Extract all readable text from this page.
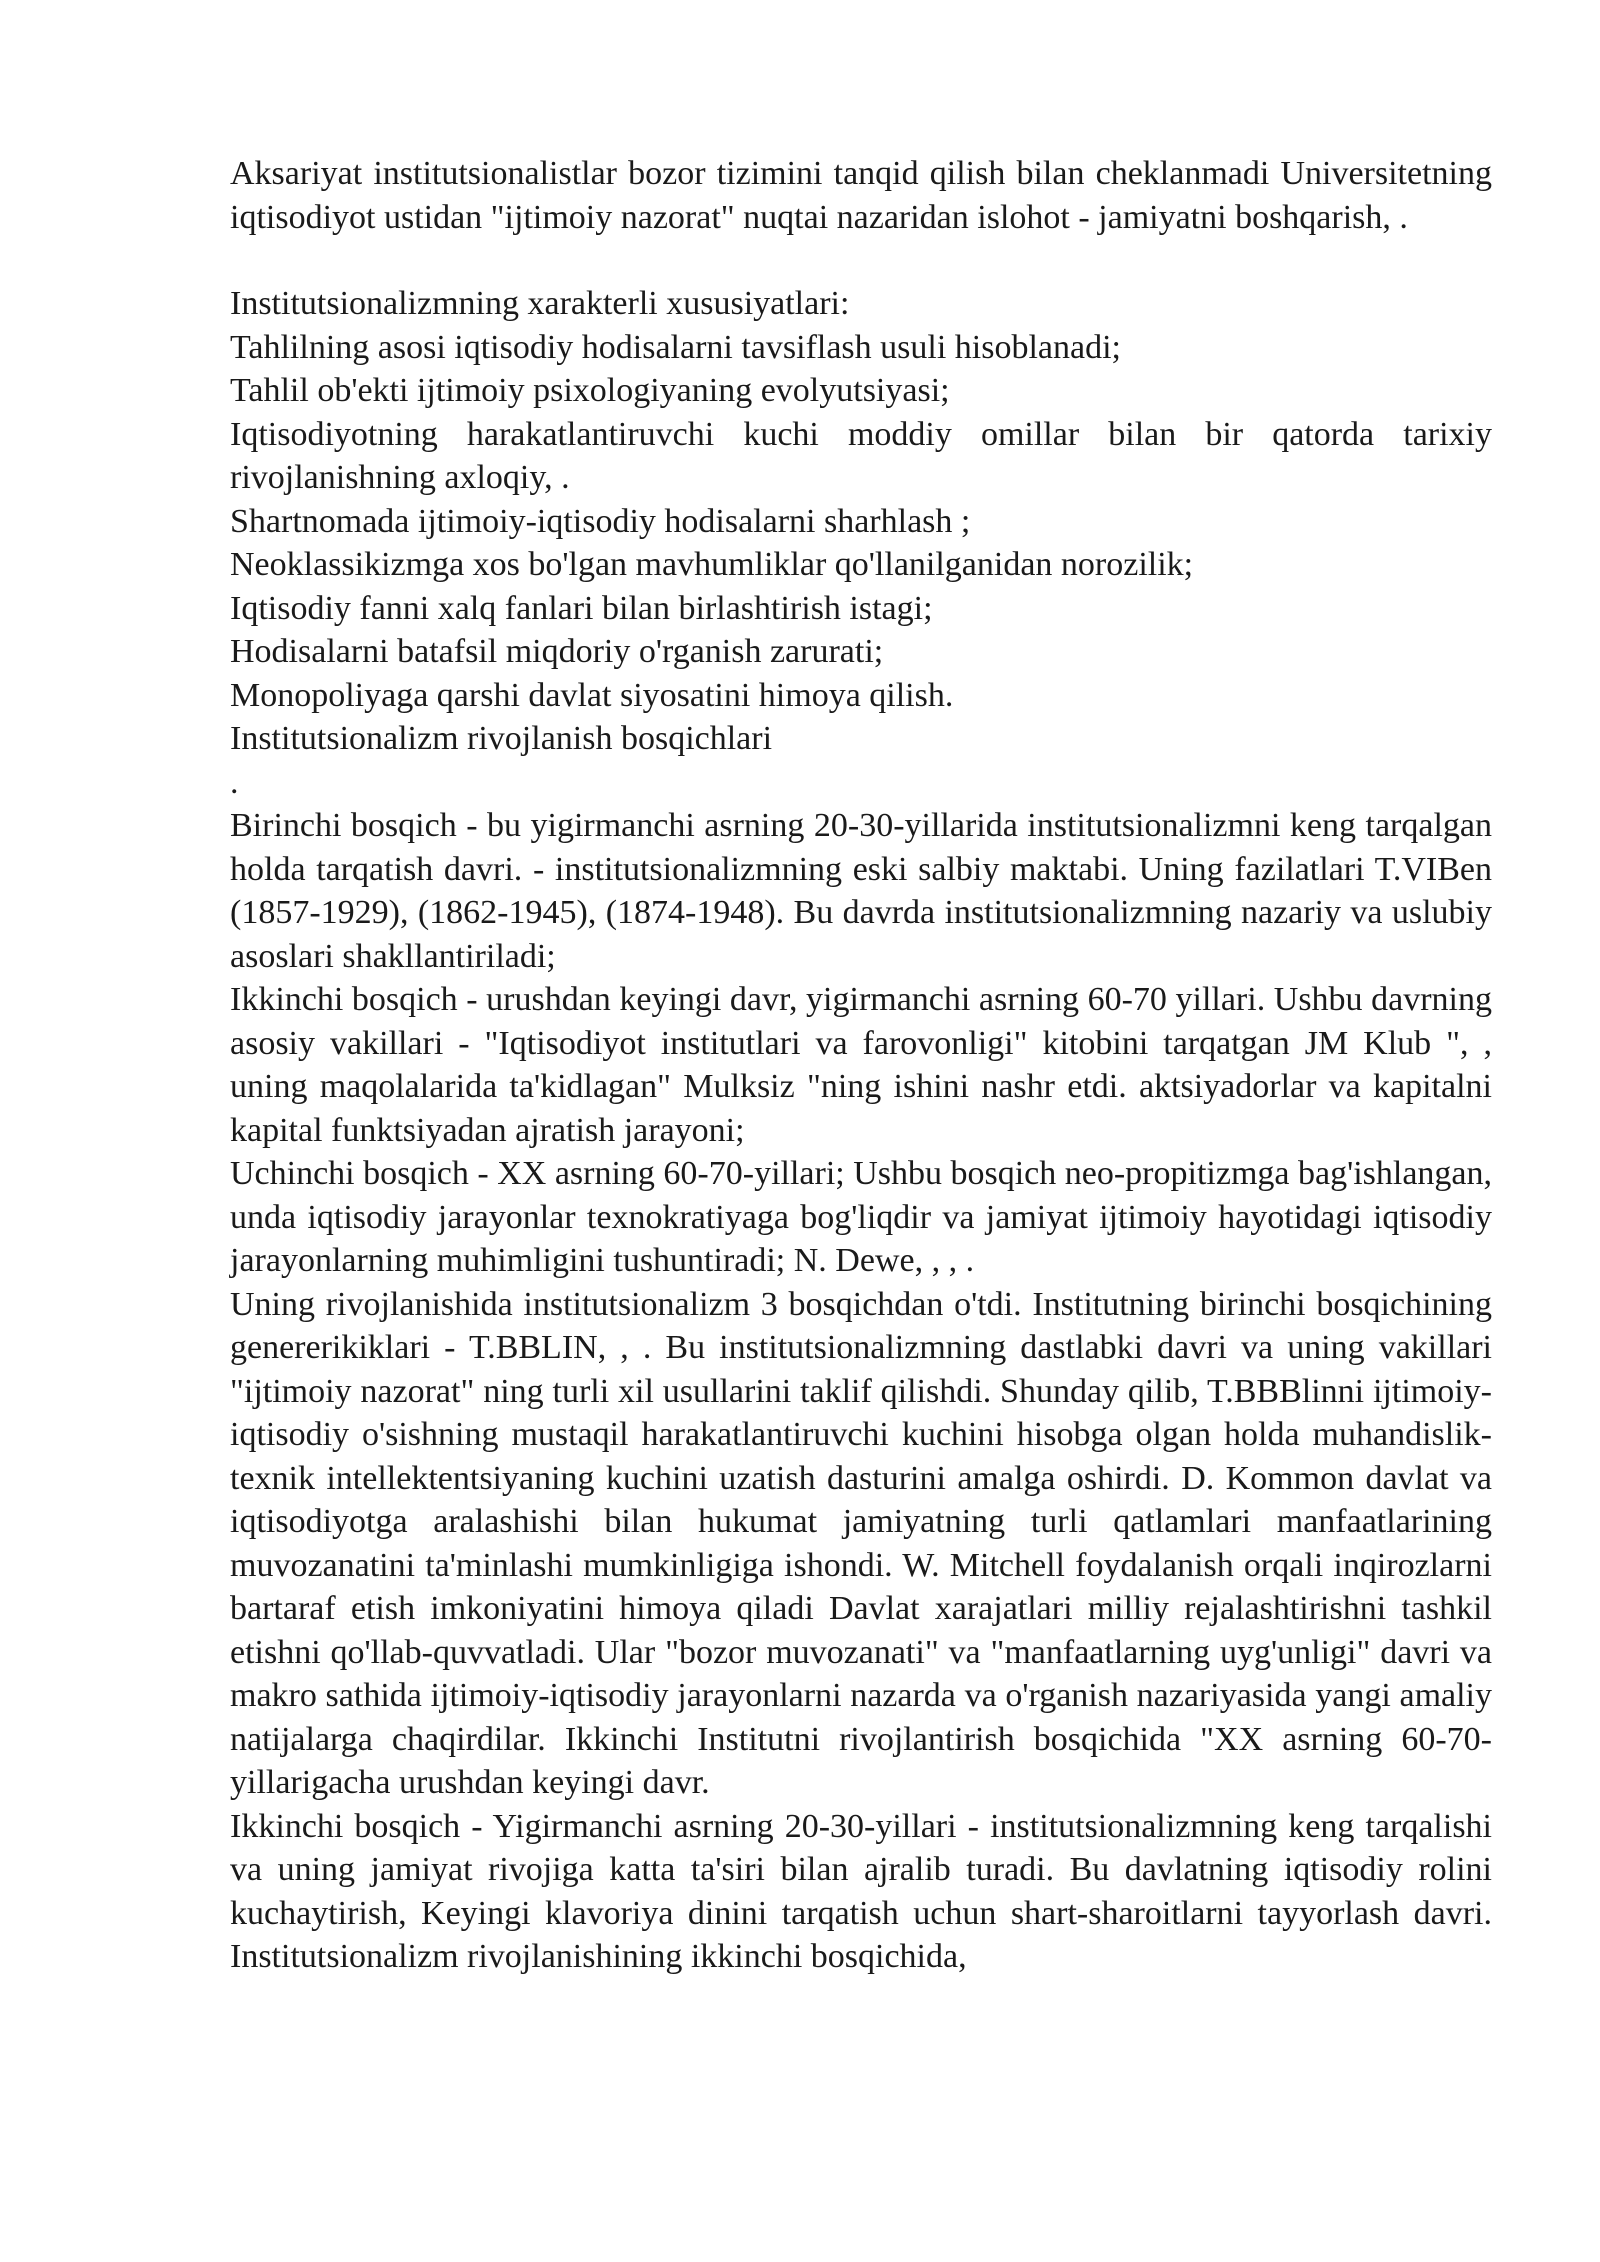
Aksariyat institutsionalistlar bozor tizimini tanqid qilish bilan cheklanmadi Universitetning iqtisodiyot ustidan "ijtimoiy nazorat" nuqtai nazaridan islohot - jamiyatni boshqarish, .

Institutsionalizmning xarakterli xususiyatlari:

Tahlilning asosi iqtisodiy hodisalarni tavsiflash usuli hisoblanadi;

Tahlil ob'ekti ijtimoiy psixologiyaning evolyutsiyasi;

Iqtisodiyotning harakatlantiruvchi kuchi moddiy omillar bilan bir qatorda tarixiy rivojlanishning axloqiy, .

Shartnomada ijtimoiy-iqtisodiy hodisalarni sharhlash ;

Neoklassikizmga xos bo'lgan mavhumliklar qo'llanilganidan norozilik;

Iqtisodiy fanni xalq fanlari bilan birlashtirish istagi;

Hodisalarni batafsil miqdoriy o'rganish zarurati;

Monopoliyaga qarshi davlat siyosatini himoya qilish.

Institutsionalizm rivojlanish bosqichlari

.

Birinchi bosqich - bu yigirmanchi asrning 20-30-yillarida institutsionalizmni keng tarqalgan holda tarqatish davri. - institutsionalizmning eski salbiy maktabi. Uning fazilatlari T.VIBen (1857-1929), (1862-1945), (1874-1948). Bu davrda institutsionalizmning nazariy va uslubiy asoslari shakllantiriladi;

Ikkinchi bosqich - urushdan keyingi davr, yigirmanchi asrning 60-70 yillari. Ushbu davrning asosiy vakillari - "Iqtisodiyot institutlari va farovonligi" kitobini tarqatgan JM Klub ", , uning maqolalarida ta'kidlagan" Mulksiz "ning ishini nashr etdi. aktsiyadorlar va kapitalni kapital funktsiyadan ajratish jarayoni;

Uchinchi bosqich - XX asrning 60-70-yillari; Ushbu bosqich neo-propitizmga bag'ishlangan, unda iqtisodiy jarayonlar texnokratiyaga bog'liqdir va jamiyat ijtimoiy hayotidagi iqtisodiy jarayonlarning muhimligini tushuntiradi; N. Dewe, , , .

Uning rivojlanishida institutsionalizm 3 bosqichdan o'tdi. Institutning birinchi bosqichining genererikiklari - T.BBLIN, , . Bu institutsionalizmning dastlabki davri va uning vakillari "ijtimoiy nazorat" ning turli xil usullarini taklif qilishdi. Shunday qilib, T.BBBlinni ijtimoiy-iqtisodiy o'sishning mustaqil harakatlantiruvchi kuchini hisobga olgan holda muhandislik-texnik intellektentsiyaning kuchini uzatish dasturini amalga oshirdi. D. Kommon davlat va iqtisodiyotga aralashishi bilan hukumat jamiyatning turli qatlamlari manfaatlarining muvozanatini ta'minlashi mumkinligiga ishondi. W. Mitchell foydalanish orqali inqirozlarni bartaraf etish imkoniyatini himoya qiladi Davlat xarajatlari milliy rejalashtirishni tashkil etishni qo'llab-quvvatladi. Ular "bozor muvozanati" va "manfaatlarning uyg'unligi" davri va makro sathida ijtimoiy-iqtisodiy jarayonlarni nazarda va o'rganish nazariyasida yangi amaliy natijalarga chaqirdilar. Ikkinchi Institutni rivojlantirish bosqichida "XX asrning 60-70-yillarigacha urushdan keyingi davr.

Ikkinchi bosqich - Yigirmanchi asrning 20-30-yillari - institutsionalizmning keng tarqalishi va uning jamiyat rivojiga katta ta'siri bilan ajralib turadi. Bu davlatning iqtisodiy rolini kuchaytirish, Keyingi klavoriya dinini tarqatish uchun shart-sharoitlarni tayyorlash davri. Institutsionalizm rivojlanishining ikkinchi bosqichida,
